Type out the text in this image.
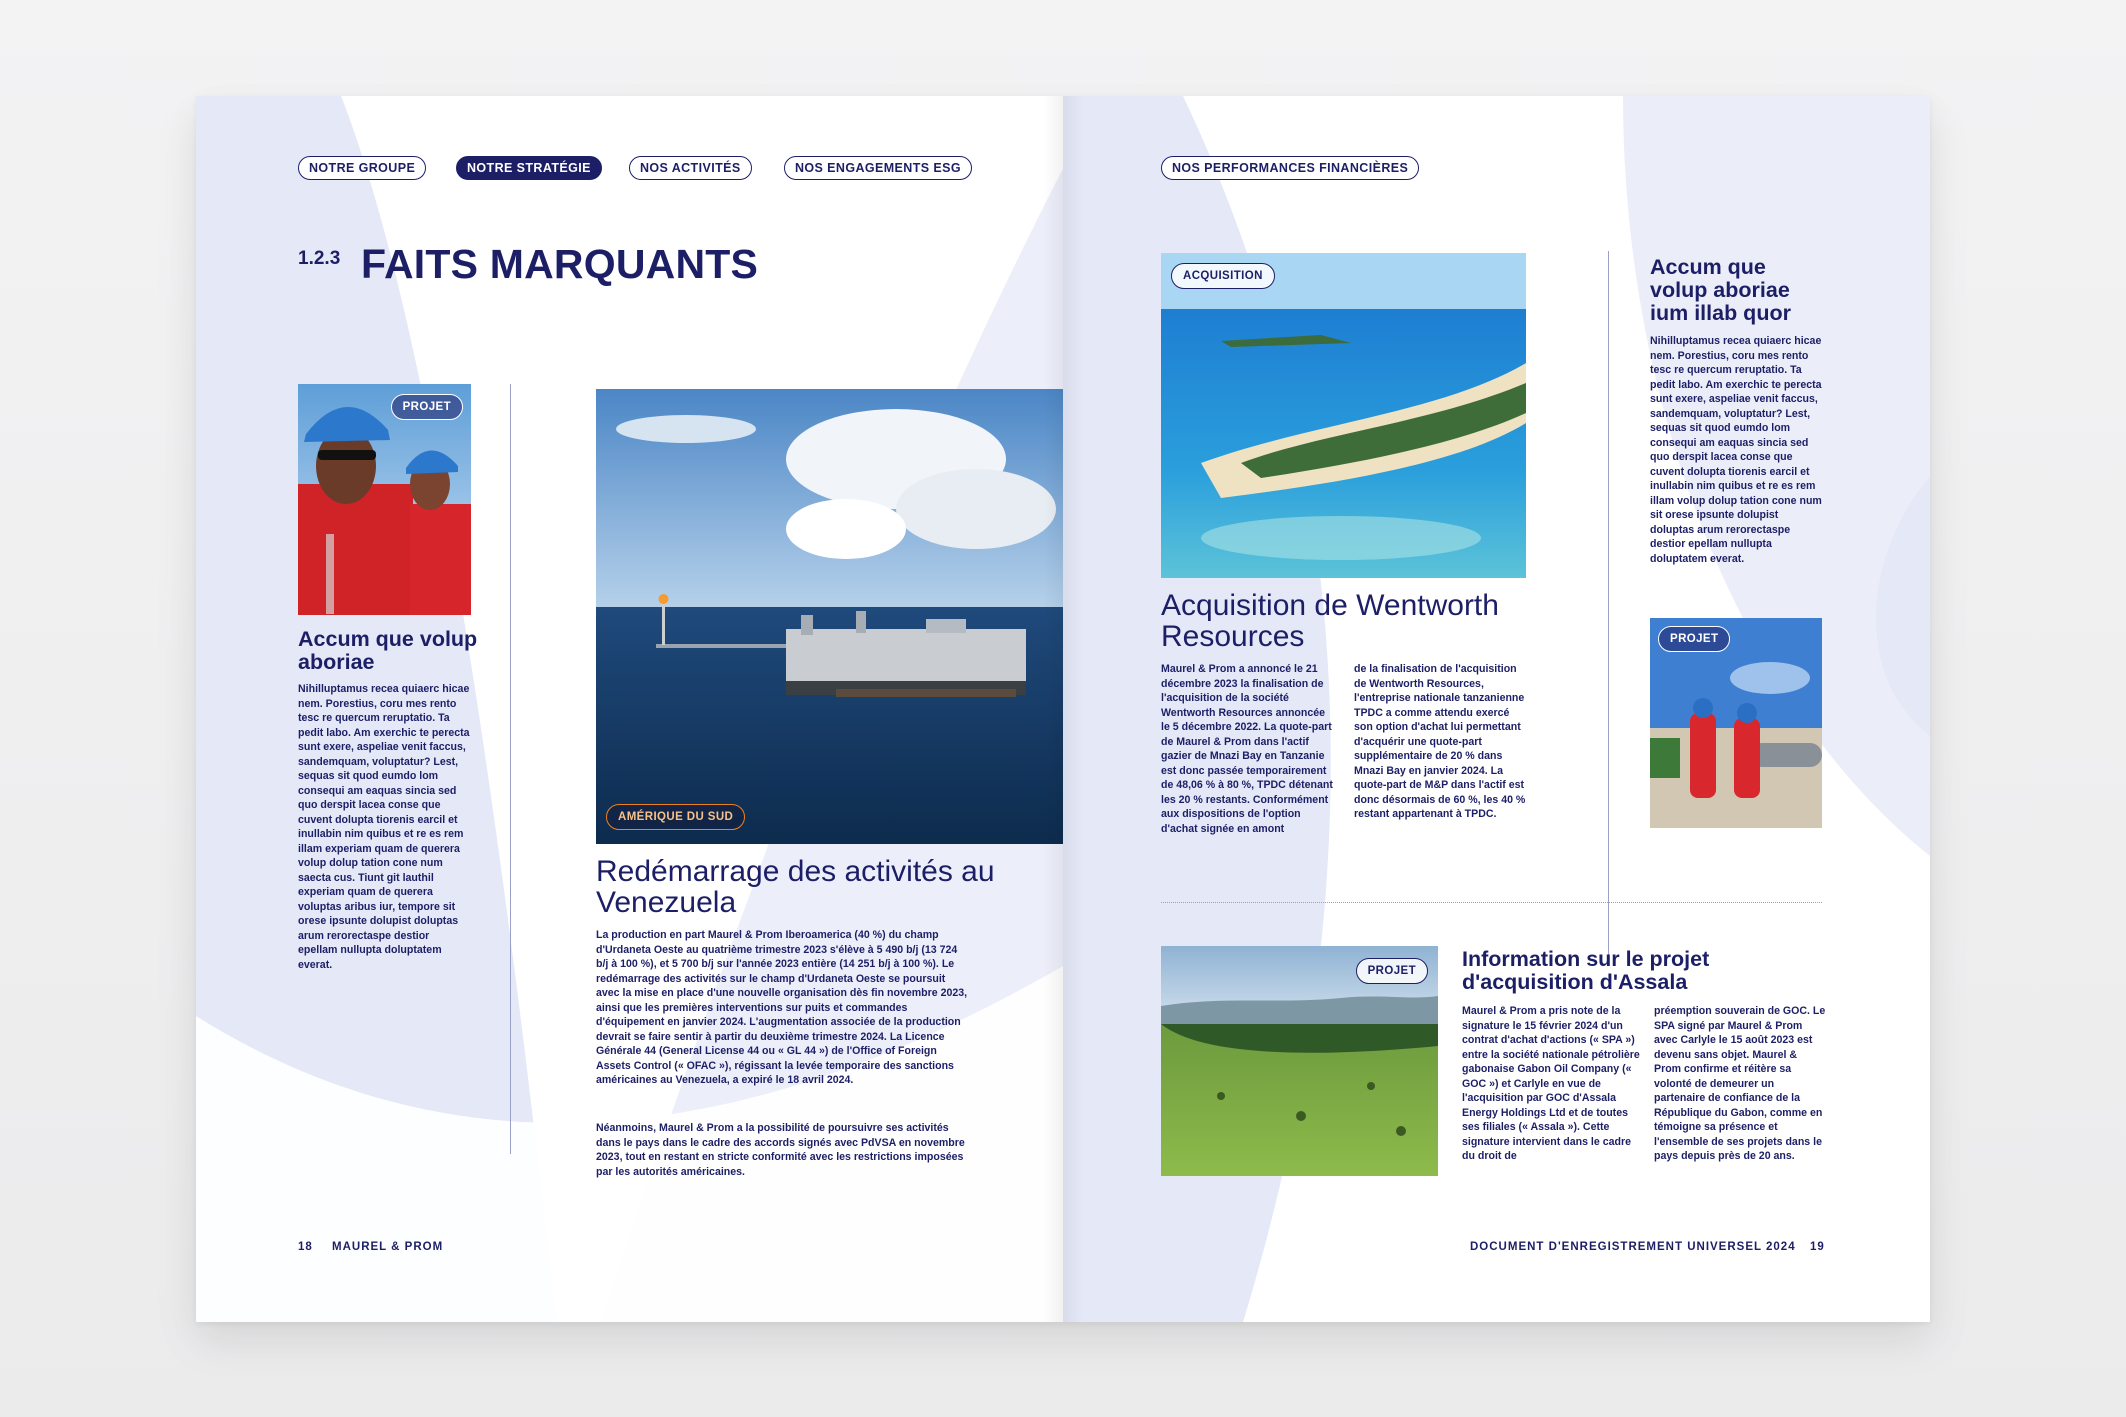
NOTRE GROUPE	NOTRE STRATÉGIE	NOS ACTIVITÉS	NOS ENGAGEMENTS ESG
1.2.3 FAITS MARQUANTS
PROJET
Accum que volup aboriae
Nihilluptamus recea quiaerc hicae nem. Porestius, coru mes rento tesc re quercum reruptatio. Ta pedit labo. Am exerchic te perecta sunt exere, aspeliae venit faccus, sandemquam, voluptatur? Lest, sequas sit quod eumdo lom consequi am eaquas sincia sed quo derspit lacea conse que cuvent dolupta tiorenis earcil et inullabin nim quibus et re es rem illam experiam quam de querera volup dolup tation cone num saecta cus. Tiunt git lauthil experiam quam de querera voluptas aribus iur, tempore sit orese ipsunte dolupist doluptas arum rerorectaspe destior epellam nullupta doluptatem everat.
AMÉRIQUE DU SUD
Redémarrage des activités au Venezuela
La production en part Maurel & Prom Iberoamerica (40 %) du champ d'Urdaneta Oeste au quatrième trimestre 2023 s'élève à 5 490 b/j (13 724 b/j à 100 %), et 5 700 b/j sur l'année 2023 entière (14 251 b/j à 100 %). Le redémarrage des activités sur le champ d'Urdaneta Oeste se poursuit avec la mise en place d'une nouvelle organisation dès fin novembre 2023, ainsi que les premières interventions sur puits et commandes d'équipement en janvier 2024. L'augmentation associée de la production devrait se faire sentir à partir du deuxième trimestre 2024. La Licence Générale 44 (General License 44 ou « GL 44 ») de l'Office of Foreign Assets Control (« OFAC »), régissant la levée temporaire des sanctions américaines au Venezuela, a expiré le 18 avril 2024.
Néanmoins, Maurel & Prom a la possibilité de poursuivre ses activités dans le pays dans le cadre des accords signés avec PdVSA en novembre 2023, tout en restant en stricte conformité avec les restrictions imposées par les autorités américaines.
18 MAUREL & PROM
NOS PERFORMANCES FINANCIÈRES
ACQUISITION
Acquisition de Wentworth Resources
Maurel & Prom a annoncé le 21 décembre 2023 la finalisation de l'acquisition de la société Wentworth Resources annoncée le 5 décembre 2022. La quote-part de Maurel & Prom dans l'actif gazier de Mnazi Bay en Tanzanie est donc passée temporairement de 48,06 % à 80 %, TPDC détenant les 20 % restants. Conformément aux dispositions de l'option d'achat signée en amont
de la finalisation de l'acquisition de Wentworth Resources, l'entreprise nationale tanzanienne TPDC a comme attendu exercé son option d'achat lui permettant d'acquérir une quote-part supplémentaire de 20 % dans Mnazi Bay en janvier 2024. La quote-part de M&P dans l'actif est donc désormais de 60 %, les 40 % restant appartenant à TPDC.
Accum que volup aboriae ium illab quor
Nihilluptamus recea quiaerc hicae nem. Porestius, coru mes rento tesc re quercum reruptatio. Ta pedit labo. Am exerchic te perecta sunt exere, aspeliae venit faccus, sandemquam, voluptatur? Lest, sequas sit quod eumdo lom consequi am eaquas sincia sed quo derspit lacea conse que cuvent dolupta tiorenis earcil et inullabin nim quibus et re es rem illam volup dolup tation cone num sit orese ipsunte dolupist doluptas arum rerorectaspe destior epellam nullupta doluptatem everat.
PROJET
PROJET	Information sur le projet d'acquisition d'Assala
Maurel & Prom a pris note de la signature le 15 février 2024 d'un contrat d'achat d'actions (« SPA ») entre la société nationale pétrolière gabonaise Gabon Oil Company (« GOC ») et Carlyle en vue de l'acquisition par GOC d'Assala Energy Holdings Ltd et de toutes ses filiales (« Assala »). Cette signature intervient dans le cadre du droit de
préemption souverain de GOC. Le SPA signé par Maurel & Prom avec Carlyle le 15 août 2023 est devenu sans objet. Maurel & Prom confirme et réitère sa volonté de demeurer un partenaire de confiance de la République du Gabon, comme en témoigne sa présence et l'ensemble de ses projets dans le pays depuis près de 20 ans.
DOCUMENT D'ENREGISTREMENT UNIVERSEL 2024 19
